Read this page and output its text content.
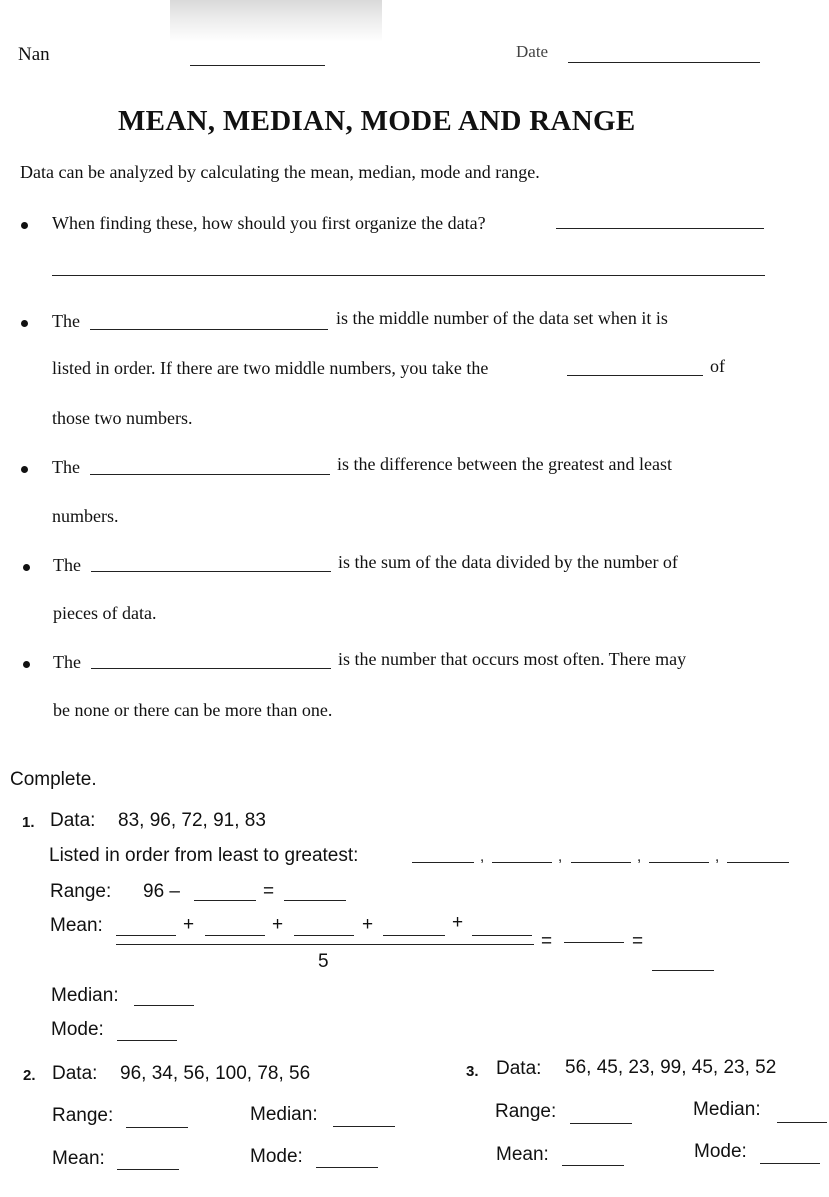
Nan	Date
MEAN, MEDIAN, MODE AND RANGE
Data can be analyzed by calculating the mean, median, mode and range.
When finding these, how should you first organize the data?
The	is the middle number of the data set when it is
listed in order. If there are two middle numbers, you take the	of
those two numbers.
The	is the difference between the greatest and least
numbers.
The	is the sum of the data divided by the number of
pieces of data.
The	is the number that occurs most often. There may
be none or there can be more than one.
Complete.
1. Data: 83, 96, 72, 91, 83
Listed in order from least to greatest:	,	,	,	,
Range: 96 –	=
Mean:	+	+	+	+
5
=	=
Median:
Mode:
2. Data: 96, 34, 56, 100, 78, 56
Range:	Median:
Mean:	Mode:
3. Data: 56, 45, 23, 99, 45, 23, 52
Range:	Median:
Mean:	Mode:
